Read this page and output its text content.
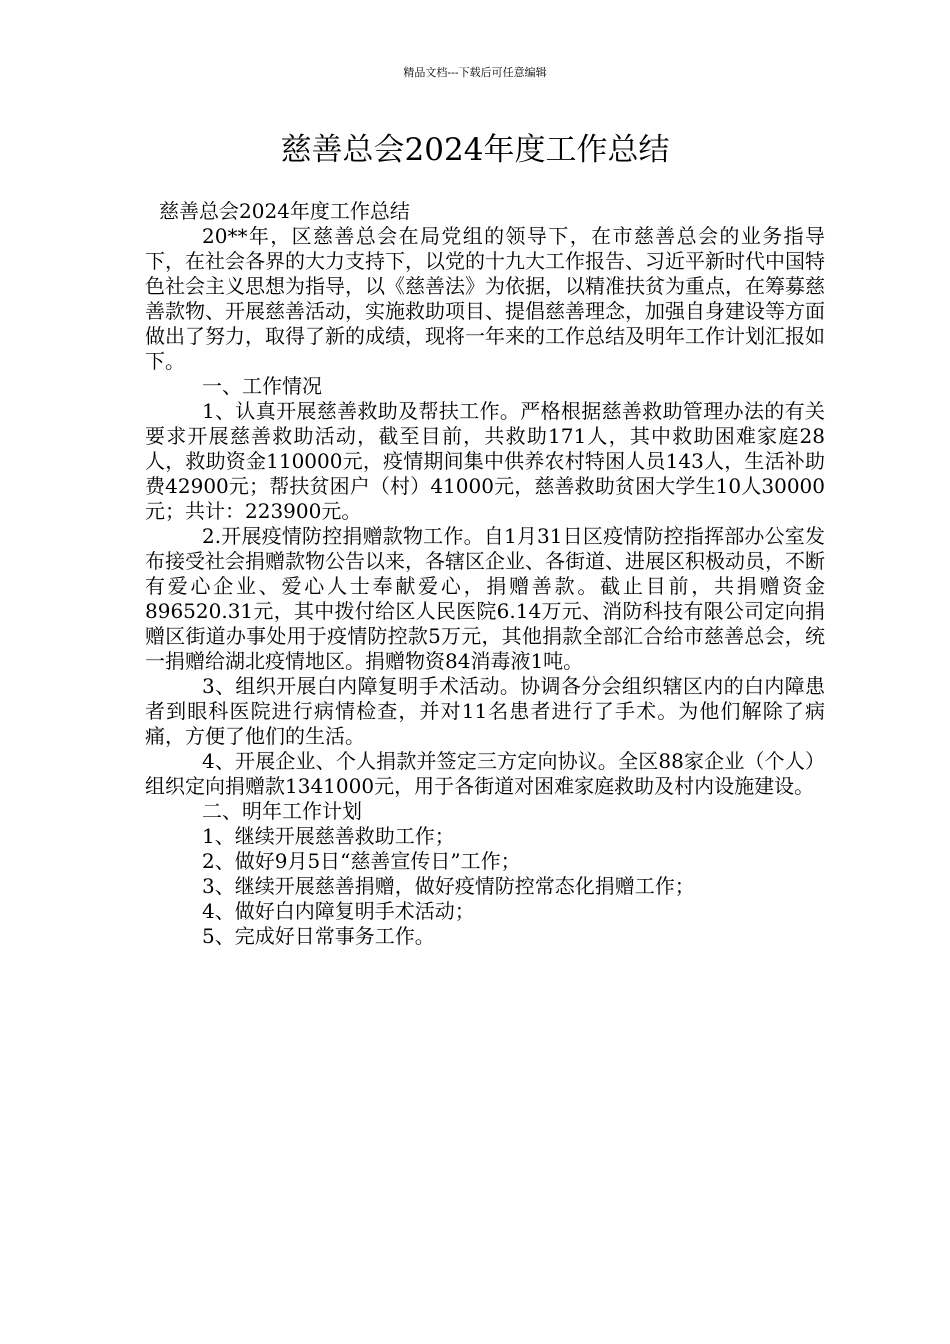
精品文档---下载后可任意编辑
慈善总会2024年度工作总结

慈善总会2024年度工作总结

20**年，区慈善总会在局党组的领导下，在市慈善总会的业务指导下，在社会各界的大力支持下，以党的十九大工作报告、习近平新时代中国特色社会主义思想为指导，以《慈善法》为依据，以精准扶贫为重点，在筹募慈善款物、开展慈善活动，实施救助项目、提倡慈善理念，加强自身建设等方面做出了努力，取得了新的成绩，现将一年来的工作总结及明年工作计划汇报如下。

一、工作情况

1、认真开展慈善救助及帮扶工作。严格根据慈善救助管理办法的有关要求开展慈善救助活动，截至目前，共救助171人，其中救助困难家庭28人，救助资金110000元，疫情期间集中供养农村特困人员143人，生活补助费42900元；帮扶贫困户（村）41000元，慈善救助贫困大学生10人30000元；共计：223900元。

2.开展疫情防控捐赠款物工作。自1月31日区疫情防控指挥部办公室发布接受社会捐赠款物公告以来，各辖区企业、各街道、进展区积极动员，不断有爱心企业、爱心人士奉献爱心，捐赠善款。截止目前，共捐赠资金896520.31元，其中拨付给区人民医院6.14万元、消防科技有限公司定向捐赠区街道办事处用于疫情防控款5万元，其他捐款全部汇合给市慈善总会，统一捐赠给湖北疫情地区。捐赠物资84消毒液1吨。

3、组织开展白内障复明手术活动。协调各分会组织辖区内的白内障患者到眼科医院进行病情检查，并对11名患者进行了手术。为他们解除了病痛，方便了他们的生活。

4、开展企业、个人捐款并签定三方定向协议。全区88家企业（个人）组织定向捐赠款1341000元，用于各街道对困难家庭救助及村内设施建设。

二、明年工作计划

1、继续开展慈善救助工作；

2、做好9月5日“慈善宣传日”工作；

3、继续开展慈善捐赠，做好疫情防控常态化捐赠工作；

4、做好白内障复明手术活动；

5、完成好日常事务工作。
